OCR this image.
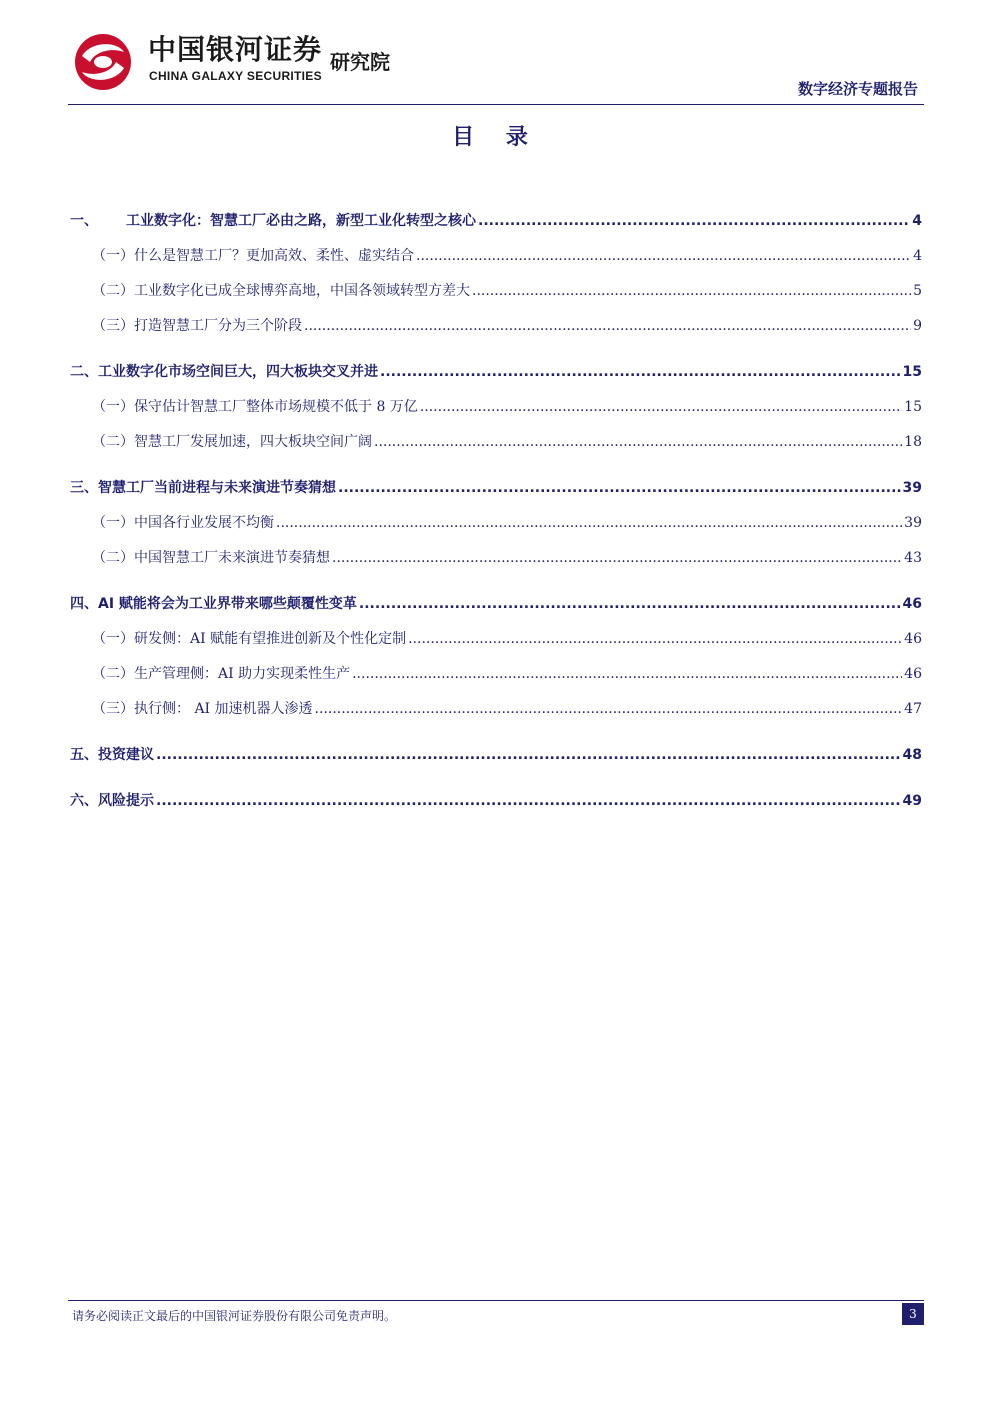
中国银河证券
CHINA GALAXY SECURITIES
研究院
数字经济专题报告
目 录
一、	工业数字化：智慧工厂必由之路，新型工业化转型之核心 .....	4
（一）什么是智慧工厂？更加高效、柔性、虚实结合 .....	4
（二）工业数字化已成全球博弈高地，中国各领域转型方差大 .....	5
（三）打造智慧工厂分为三个阶段 .....	9
二、工业数字化市场空间巨大，四大板块交叉并进 .....	15
（一）保守估计智慧工厂整体市场规模不低于 8 万亿 .....	15
（二）智慧工厂发展加速，四大板块空间广阔 .....	18
三、智慧工厂当前进程与未来演进节奏猜想 .....	39
（一）中国各行业发展不均衡 .....	39
（二）中国智慧工厂未来演进节奏猜想 .....	43
四、AI 赋能将会为工业界带来哪些颠覆性变革 .....	46
（一）研发侧：AI 赋能有望推进创新及个性化定制 .....	46
（二）生产管理侧：AI 助力实现柔性生产 .....	46
（三）执行侧： AI 加速机器人渗透 .....	47
五、投资建议 .....	48
六、风险提示 .....	49
请务必阅读正文最后的中国银河证券股份有限公司免责声明。	3
